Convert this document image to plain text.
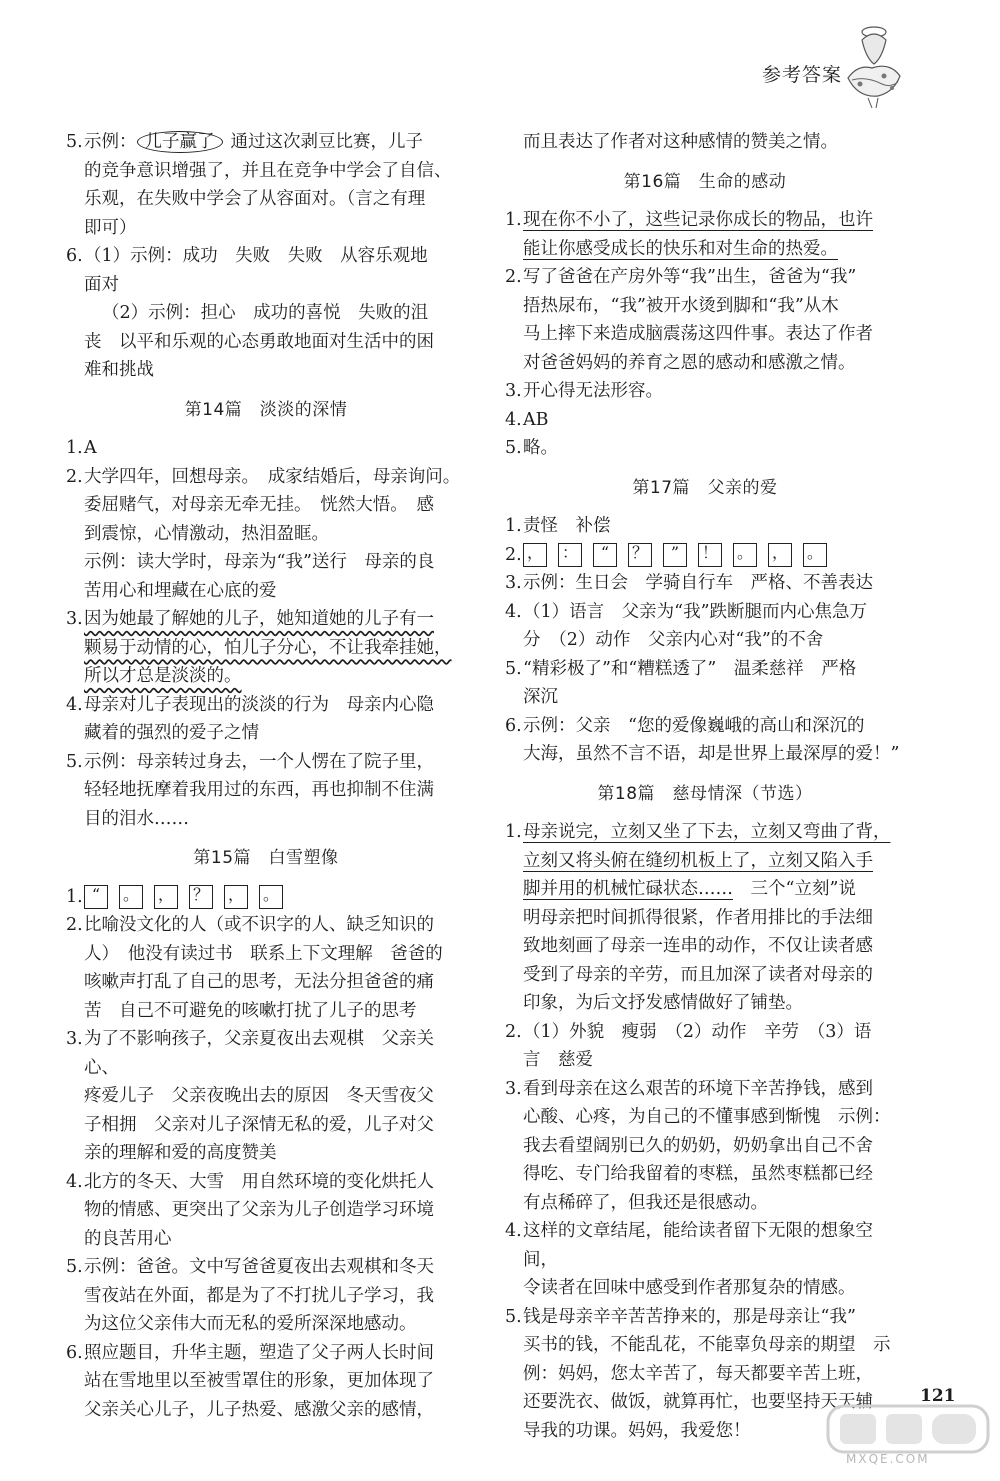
参考答案
5. 示例： 儿子赢了 通过这次剥豆比赛，儿子
的竞争意识增强了，并且在竞争中学会了自信、
乐观，在失败中学会了从容面对。（言之有理
即可）
6. （1）示例：成功　失败　失败　从容乐观地
面对
（2）示例：担心　成功的喜悦　失败的沮
丧　以平和乐观的心态勇敢地面对生活中的困
难和挑战
第14篇　淡淡的深情
1. A
2. 大学四年，回想母亲。　成家结婚后，母亲询问。
委屈赌气，对母亲无牵无挂。　恍然大悟。　感
到震惊，心情激动，热泪盈眶。
示例：读大学时，母亲为“我”送行　母亲的良
苦用心和埋藏在心底的爱
3. 因为她最了解她的儿子，她知道她的儿子有一
颗易于动情的心，怕儿子分心，不让我牵挂她，
所以才总是淡淡的。
4. 母亲对儿子表现出的淡淡的行为　母亲内心隐
藏着的强烈的爱子之情
5. 示例：母亲转过身去，一个人愣在了院子里，
轻轻地抚摩着我用过的东西，再也抑制不住满
目的泪水……
第15篇　白雪塑像
1. “	。 ， ？ ， 。
2. 比喻没文化的人（或不识字的人、缺乏知识的
人）　他没有读过书　联系上下文理解　爸爸的
咳嗽声打乱了自己的思考，无法分担爸爸的痛
苦　自己不可避免的咳嗽打扰了儿子的思考
3. 为了不影响孩子，父亲夏夜出去观棋　父亲关心、
疼爱儿子　父亲夜晚出去的原因　冬天雪夜父
子相拥　父亲对儿子深情无私的爱，儿子对父
亲的理解和爱的高度赞美
4. 北方的冬天、大雪　用自然环境的变化烘托人
物的情感、更突出了父亲为儿子创造学习环境
的良苦用心
5. 示例：爸爸。文中写爸爸夏夜出去观棋和冬天
雪夜站在外面，都是为了不打扰儿子学习，我
为这位父亲伟大而无私的爱所深深地感动。
6. 照应题目，升华主题，塑造了父子两人长时间
站在雪地里以至被雪罩住的形象，更加体现了
父亲关心儿子，儿子热爱、感激父亲的感情，
而且表达了作者对这种感情的赞美之情。
第16篇　生命的感动
1. 现在你不小了，这些记录你成长的物品，也许
能让你感受成长的快乐和对生命的热爱。
2. 写了爸爸在产房外等“我”出生，爸爸为“我”
捂热尿布，“我”被开水烫到脚和“我”从木
马上摔下来造成脑震荡这四件事。表达了作者
对爸爸妈妈的养育之恩的感动和感激之情。
3. 开心得无法形容。
4. AB
5. 略。
第17篇　父亲的爱
1. 责怪　补偿
2. ， ：	“	？	”	！ 。 ， 。
3. 示例：生日会　学骑自行车　严格、不善表达
4. （1）语言　父亲为“我”跌断腿而内心焦急万
分　（2）动作　父亲内心对“我”的不舍
5. “精彩极了”和“糟糕透了”　温柔慈祥　严格
深沉
6. 示例：父亲　“您的爱像巍峨的高山和深沉的
大海，虽然不言不语，却是世界上最深厚的爱！”
第18篇　慈母情深（节选）
1. 母亲说完，立刻又坐了下去，立刻又弯曲了背，
立刻又将头俯在缝纫机板上了，立刻又陷入手
脚并用的机械忙碌状态……　三个“立刻”说
明母亲把时间抓得很紧，作者用排比的手法细
致地刻画了母亲一连串的动作，不仅让读者感
受到了母亲的辛劳，而且加深了读者对母亲的
印象，为后文抒发感情做好了铺垫。
2. （1）外貌　瘦弱　（2）动作　辛劳　（3）语
言　慈爱
3. 看到母亲在这么艰苦的环境下辛苦挣钱，感到
心酸、心疼，为自己的不懂事感到惭愧　示例：
我去看望阔别已久的奶奶，奶奶拿出自己不舍
得吃、专门给我留着的枣糕，虽然枣糕都已经
有点稀碎了，但我还是很感动。
4. 这样的文章结尾，能给读者留下无限的想象空间，
令读者在回味中感受到作者那复杂的情感。
5. 钱是母亲辛辛苦苦挣来的，那是母亲让“我”
买书的钱，不能乱花，不能辜负母亲的期望　示
例：妈妈，您太辛苦了，每天都要辛苦上班，
还要洗衣、做饭，就算再忙，也要坚持天天辅
导我的功课。妈妈，我爱您！
121
MXQE.COM
